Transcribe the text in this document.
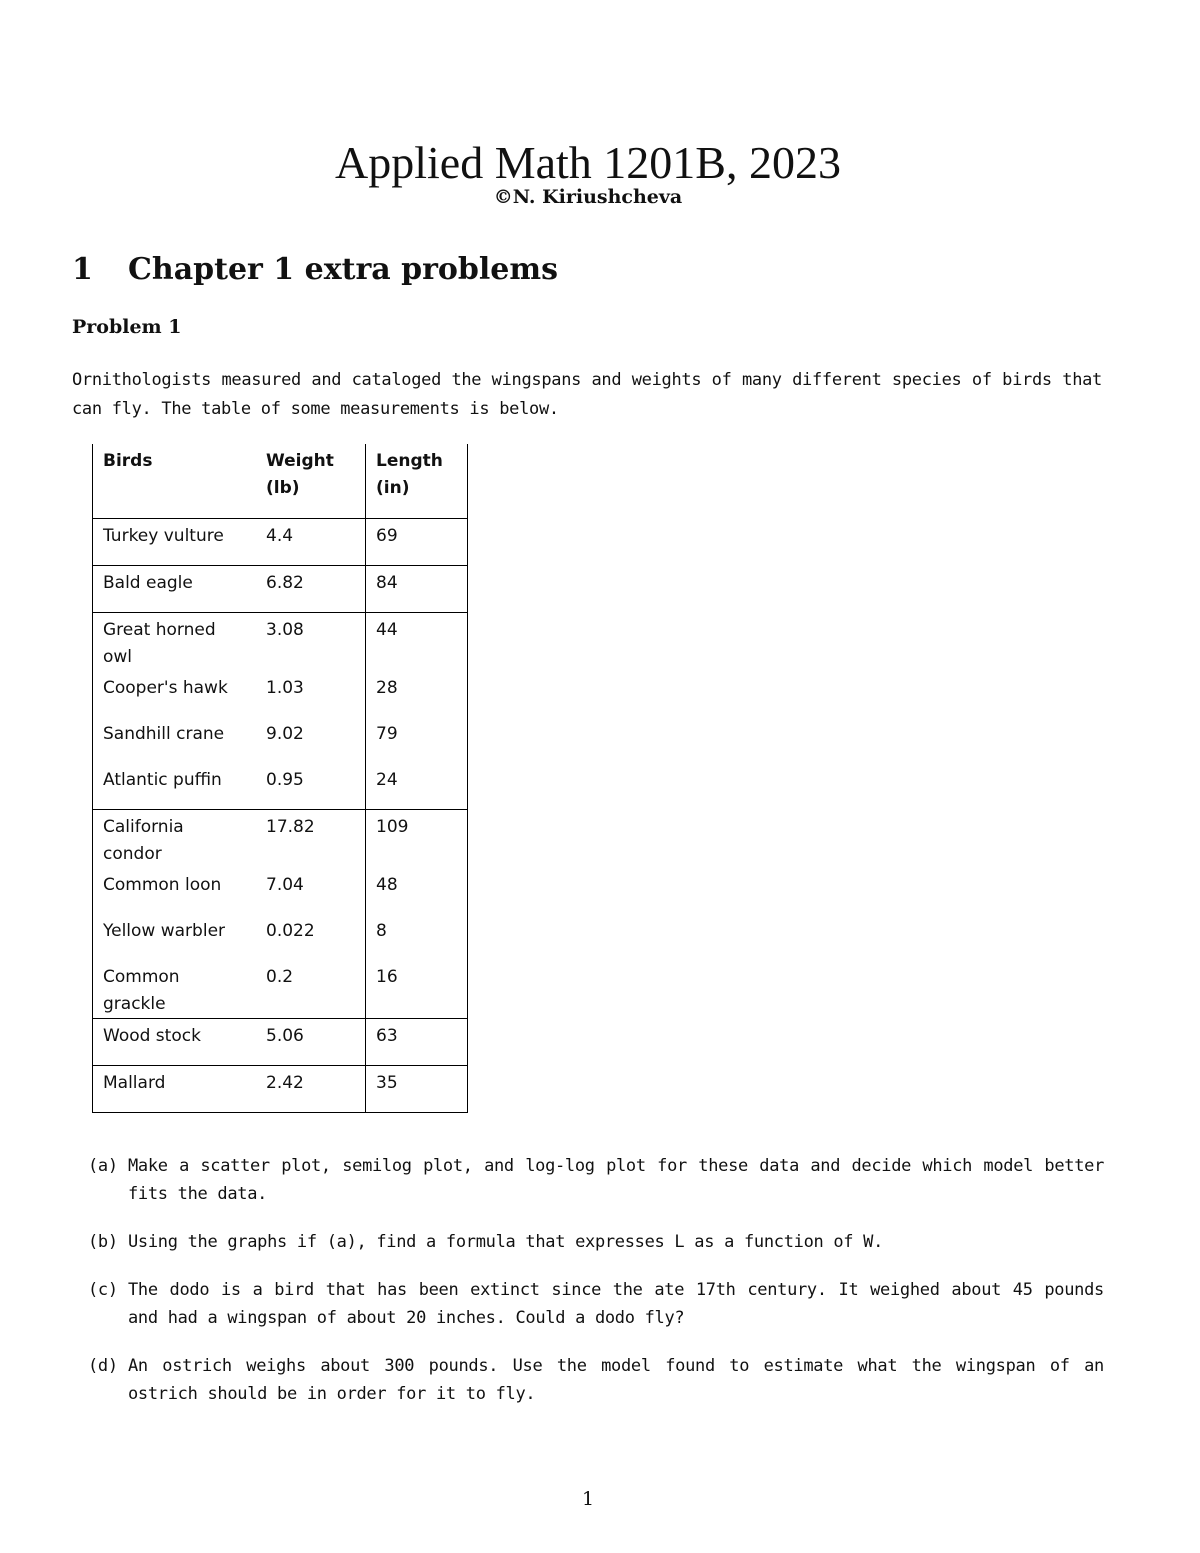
Applied Math 1201B, 2023
©N. Kiriushcheva
1 Chapter 1 extra problems
Problem 1
Ornithologists measured and cataloged the wingspans and weights of many different species of birds that can fly. The table of some measurements is below.
Birds	Weight (lb)	Length (in)
Turkey vulture	4.4	69
Bald eagle	6.82	84
Great horned owl	3.08	44
Cooper's hawk	1.03	28
Sandhill crane	9.02	79
Atlantic puffin	0.95	24
California condor	17.82	109
Common loon	7.04	48
Yellow warbler	0.022	8
Common grackle	0.2	16
Wood stock	5.06	63
Mallard	2.42	35
(a) Make a scatter plot, semilog plot, and log-log plot for these data and decide which model better fits the data.
(b) Using the graphs if (a), find a formula that expresses L as a function of W.
(c) The dodo is a bird that has been extinct since the ate 17th century. It weighed about 45 pounds and had a wingspan of about 20 inches. Could a dodo fly?
(d) An ostrich weighs about 300 pounds. Use the model found to estimate what the wingspan of an ostrich should be in order for it to fly.
1
